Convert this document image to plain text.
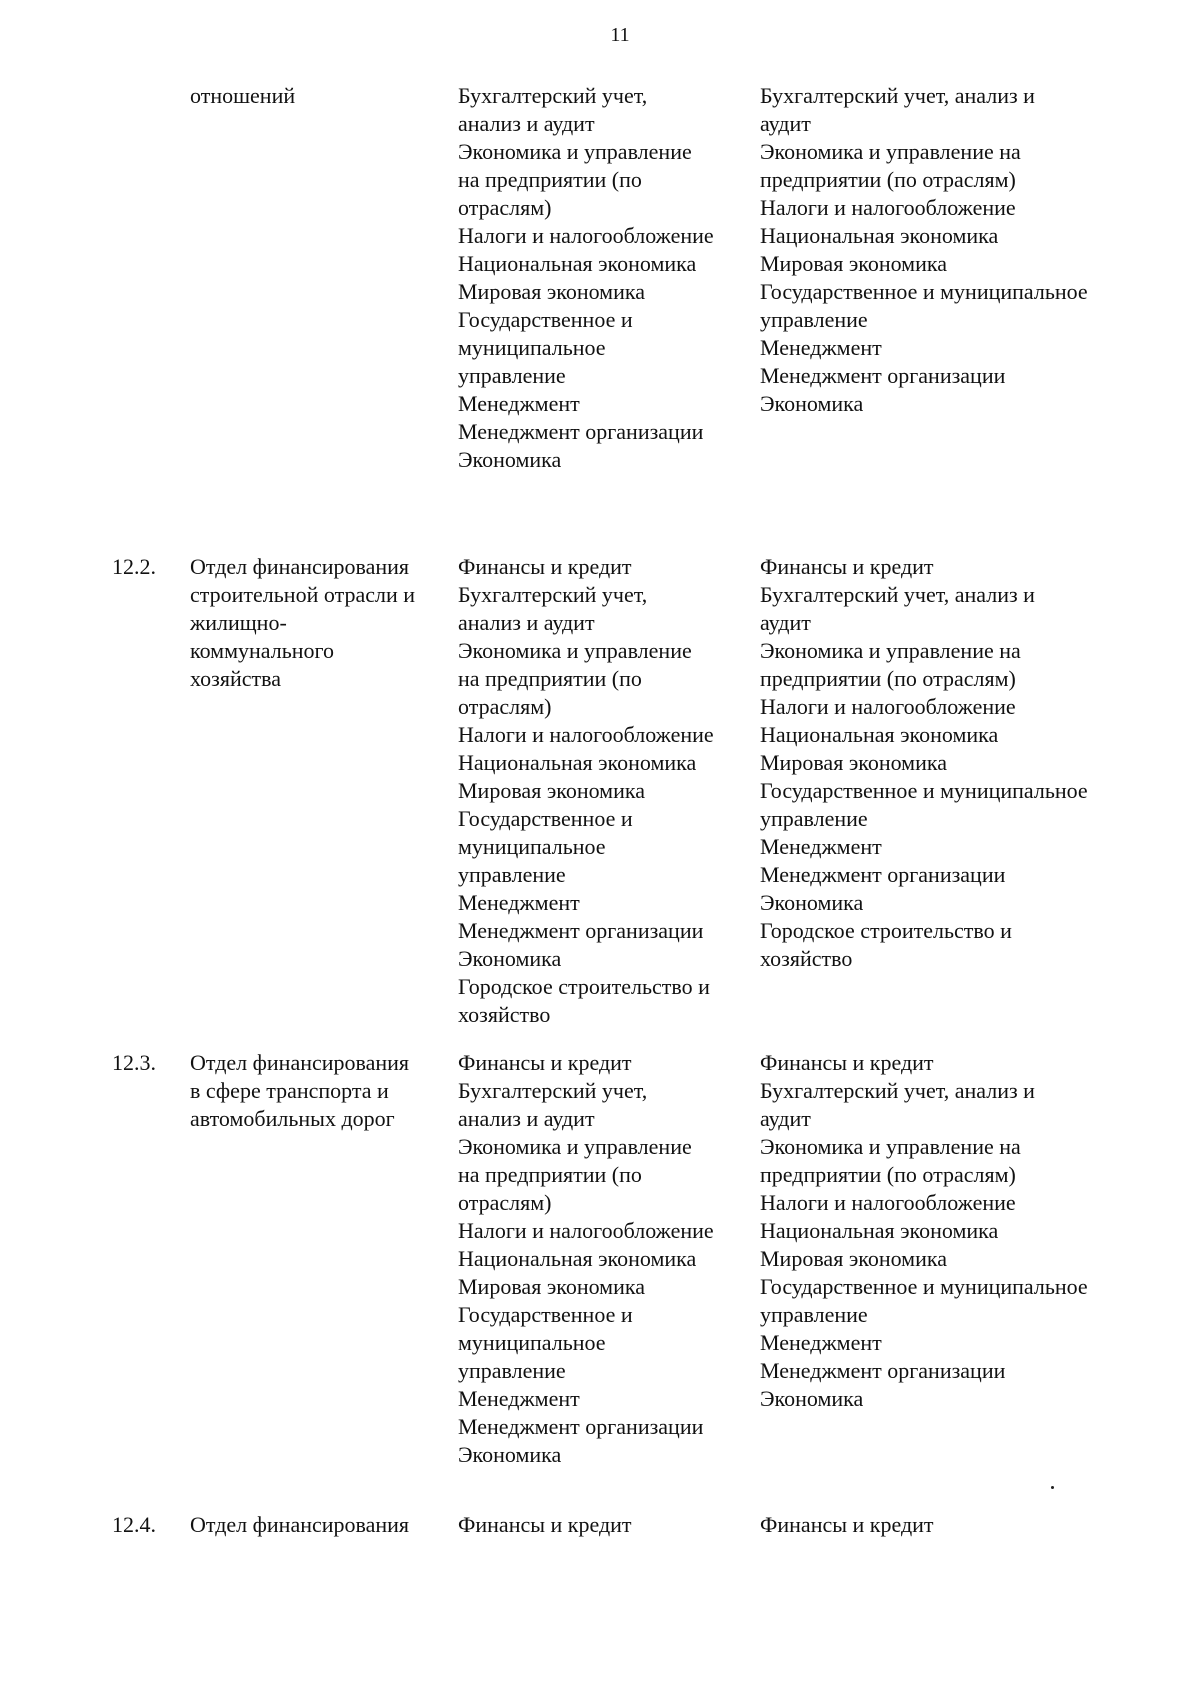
11
отношений	Бухгалтерский учет,
анализ и аудит
Экономика и управление
на предприятии (по
отраслям)
Налоги и налогообложение
Национальная экономика
Мировая экономика
Государственное и
муниципальное
управление
Менеджмент
Менеджмент организации
Экономика
Бухгалтерский учет, анализ и
аудит
Экономика и управление на
предприятии (по отраслям)
Налоги и налогообложение
Национальная экономика
Мировая экономика
Государственное и муниципальное
управление
Менеджмент
Менеджмент организации
Экономика
12.2. Отдел финансирования
строительной отрасли и
жилищно-
коммунального
хозяйства
Финансы и кредит
Бухгалтерский учет,
анализ и аудит
Экономика и управление
на предприятии (по
отраслям)
Налоги и налогообложение
Национальная экономика
Мировая экономика
Государственное и
муниципальное
управление
Менеджмент
Менеджмент организации
Экономика
Городское строительство и
хозяйство
Финансы и кредит
Бухгалтерский учет, анализ и
аудит
Экономика и управление на
предприятии (по отраслям)
Налоги и налогообложение
Национальная экономика
Мировая экономика
Государственное и муниципальное
управление
Менеджмент
Менеджмент организации
Экономика
Городское строительство и
хозяйство
12.3. Отдел финансирования
в сфере транспорта и
автомобильных дорог
Финансы и кредит
Бухгалтерский учет,
анализ и аудит
Экономика и управление
на предприятии (по
отраслям)
Налоги и налогообложение
Национальная экономика
Мировая экономика
Государственное и
муниципальное
управление
Менеджмент
Менеджмент организации
Экономика
Финансы и кредит
Бухгалтерский учет, анализ и
аудит
Экономика и управление на
предприятии (по отраслям)
Налоги и налогообложение
Национальная экономика
Мировая экономика
Государственное и муниципальное
управление
Менеджмент
Менеджмент организации
Экономика
12.4. Отдел финансирования Финансы и кредит	Финансы и кредит
